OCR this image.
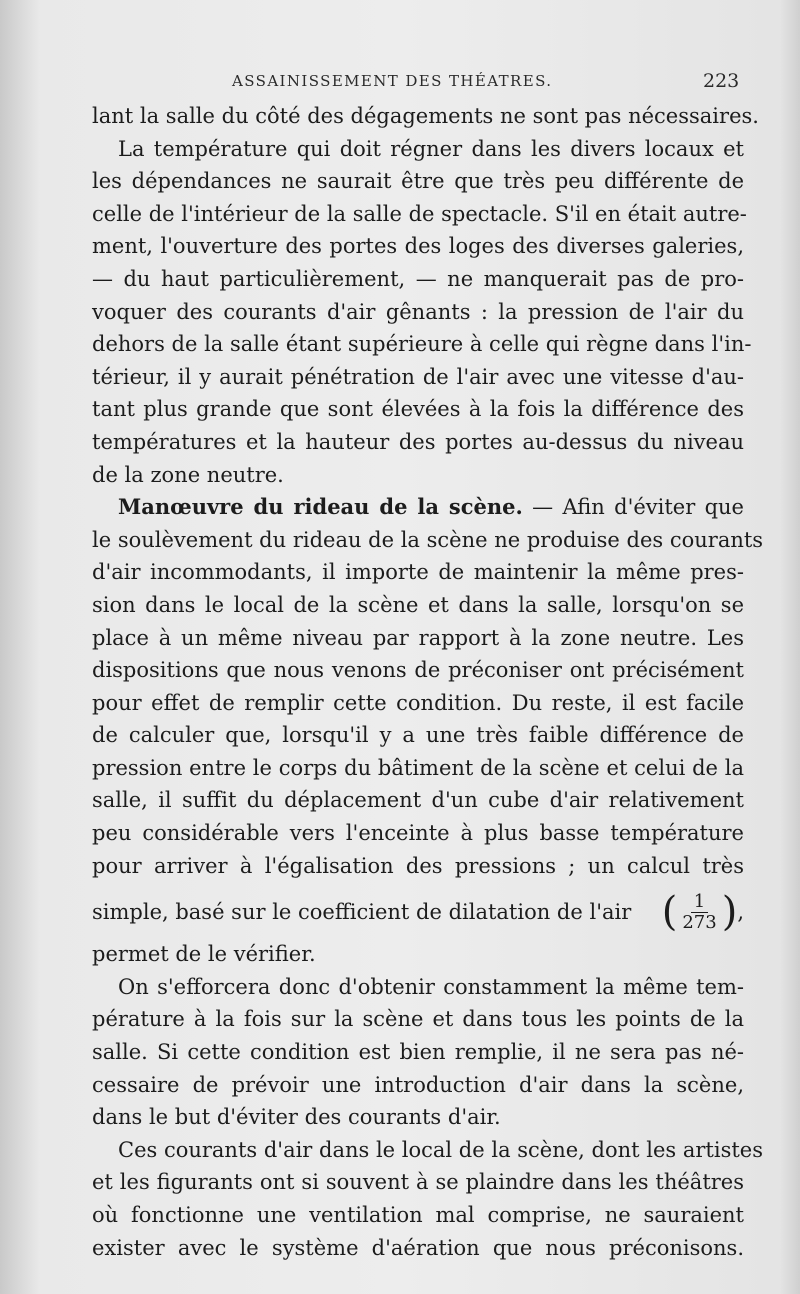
ASSAINISSEMENT DES THÉATRES.	223
lant la salle du côté des dégagements ne sont pas nécessaires.
La température qui doit régner dans les divers locaux et
les dépendances ne saurait être que très peu différente de
celle de l'intérieur de la salle de spectacle. S'il en était autre-
ment, l'ouverture des portes des loges des diverses galeries,
— du haut particulièrement, — ne manquerait pas de pro-
voquer des courants d'air gênants : la pression de l'air du
dehors de la salle étant supérieure à celle qui règne dans l'in-
térieur, il y aurait pénétration de l'air avec une vitesse d'au-
tant plus grande que sont élevées à la fois la différence des
températures et la hauteur des portes au-dessus du niveau
de la zone neutre.
Manœuvre du rideau de la scène. — Afin d'éviter que
le soulèvement du rideau de la scène ne produise des courants
d'air incommodants, il importe de maintenir la même pres-
sion dans le local de la scène et dans la salle, lorsqu'on se
place à un même niveau par rapport à la zone neutre. Les
dispositions que nous venons de préconiser ont précisément
pour effet de remplir cette condition. Du reste, il est facile
de calculer que, lorsqu'il y a une très faible différence de
pression entre le corps du bâtiment de la scène et celui de la
salle, il suffit du déplacement d'un cube d'air relativement
peu considérable vers l'enceinte à plus basse température
pour arriver à l'égalisation des pressions ; un calcul très
simple, basé sur le coefficient de dilatation de l'air ( $\frac{1}{273}$ ) ,
permet de le vérifier.
On s'efforcera donc d'obtenir constamment la même tem-
pérature à la fois sur la scène et dans tous les points de la
salle. Si cette condition est bien remplie, il ne sera pas né-
cessaire de prévoir une introduction d'air dans la scène,
dans le but d'éviter des courants d'air.
Ces courants d'air dans le local de la scène, dont les artistes
et les figurants ont si souvent à se plaindre dans les théâtres
où fonctionne une ventilation mal comprise, ne sauraient
exister avec le système d'aération que nous préconisons.
